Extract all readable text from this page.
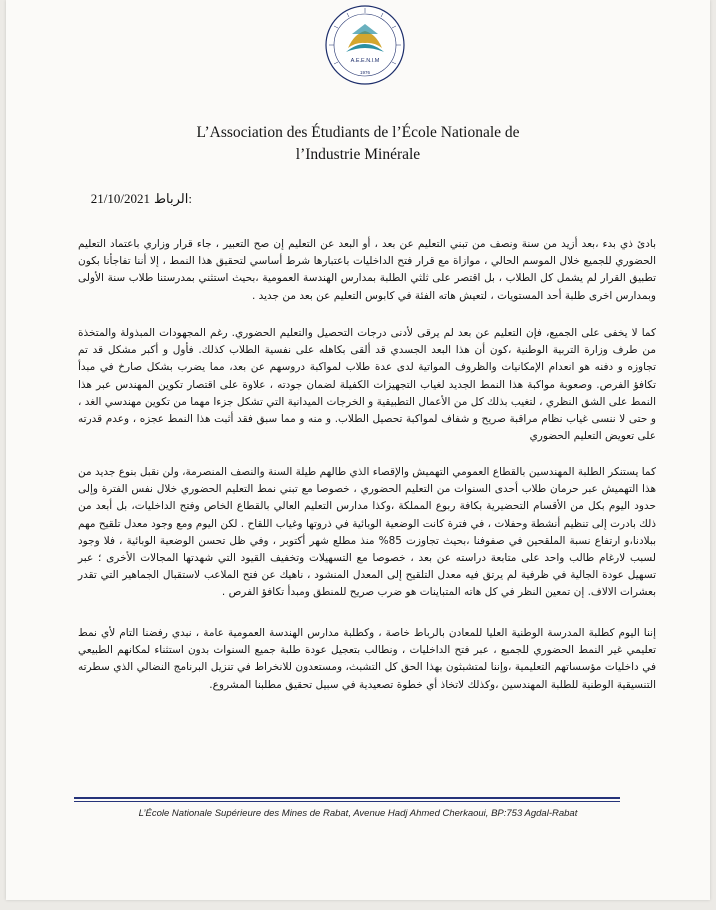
A.E.E.N.I.M
1976
L’Association des Étudiants de l’École Nationale de
l’Industrie Minérale
21/10/2021 الرباط:
بادئ ذي بدء ،بعد أزيد من سنة ونصف من تبني التعليم عن بعد ، أو البعد عن التعليم إن صح التعبير ، جاء قرار وزاري باعتماد التعليم الحضوري للجميع خلال الموسم الحالي ، موازاة مع قرار فتح الداخليات باعتبارها شرط أساسي لتحقيق هذا النمط ، إلا أننا تفاجأنا بكون تطبيق القرار لم يشمل كل الطلاب ، بل اقتصر على ثلثي الطلبة بمدارس الهندسة العمومية ،بحيث استثني بمدرستنا طلاب سنة الأولى وبمدارس اخرى طلبة أحد المستويات ، لتعيش هاته الفئة في كابوس التعليم عن بعد من جديد .
كما لا يخفى على الجميع، فإن التعليم عن بعد لم يرقى لأدنى درجات التحصيل والتعليم الحضوري. رغم المجهودات المبذولة والمتخذة من طرف وزارة التربية الوطنية ،كون أن هذا البعد الجسدي قد ألقى بكاهله على نفسية الطلاب كذلك. فأول و أكبر مشكل قد تم تجاوزه و دفنه هو انعدام الإمكانيات والظروف المواتية لدى عدة طلاب لمواكبة دروسهم عن بعد، مما يضرب بشكل صارخ في مبدأ تكافؤ الفرص. وصعوبة مواكبة هذا النمط الجديد لغياب التجهيزات الكفيلة لضمان جودته ، علاوة على اقتصار تكوين المهندس عبر هذا النمط على الشق النظري ، لتغيب بذلك كل من الأعمال التطبيقية و الخرجات الميدانية التي تشكل جزءا مهما من تكوين مهندسي الغد ، و حتى لا ننسى غياب نظام مراقبة صريح و شفاف لمواكبة تحصيل الطلاب. و منه و مما سبق فقد أثبت هذا النمط عجزه ، وعدم قدرته على تعويض التعليم الحضوري
كما يستنكر الطلبة المهندسين بالقطاع العمومي التهميش والإقصاء الذي طالهم طيلة السنة والنصف المنصرمة، ولن نقبل بنوع جديد من هذا التهميش عبر حرمان طلاب أحدى السنوات من التعليم الحضوري ، خصوصا مع تبني نمط التعليم الحضوري خلال نفس الفترة وإلى حدود اليوم بكل من الأقسام التحضيرية بكافة ربوع المملكة ،وكذا مدارس التعليم العالي بالقطاع الخاص وفتح الداخليات، بل أبعد من ذلك بادرت إلى تنظيم أنشطة وحفلات ، في فترة كانت الوضعية الوبائية في ذروتها وغياب اللقاح . لكن اليوم ومع وجود معدل تلقيح مهم ببلادنا،و ارتفاع نسبة الملقحين في صفوفنا ،بحيث تجاوزت 85% منذ مطلع شهر أكتوبر ، وفي ظل تحسن الوضعية الوبائية ، فلا وجود لسبب لارغام طالب واحد على متابعة دراسته عن بعد ، خصوصا مع التسهيلات وتخفيف القيود التي شهدتها المجالات الأخرى ؛ عبر تسهيل عودة الجالية في ظرفية لم يرتق فيه معدل التلقيح إلى المعدل المنشود ، ناهيك عن فتح الملاعب لاستقبال الجماهير التي تقدر بعشرات الالاف. إن تمعين النظر في كل هاته المتباينات هو ضرب صريح للمنطق ومبدأ تكافؤ الفرص .
إننا اليوم كطلبة المدرسة الوطنية العليا للمعادن بالرباط خاصة ، وكطلبة مدارس الهندسة العمومية عامة ، نبدي رفضنا التام لأي نمط تعليمي غير النمط الحضوري للجميع ، عبر فتح الداخليات ، ونطالب بتعجيل عودة طلبة جميع السنوات بدون استثناء لمكانهم الطبيعي في داخليات مؤسساتهم التعليمية ،وإننا لمتشبثون بهذا الحق كل التشبث، ومستعدون للانخراط في تنزيل البرنامج النضالي الذي سطرته التنسيقية الوطنية للطلبة المهندسين ،وكذلك لاتخاذ أي خطوة تصعيدية في سبيل تحقيق مطلبنا المشروع.
L’École Nationale Supérieure des Mines de Rabat, Avenue Hadj Ahmed Cherkaoui, BP:753 Agdal-Rabat
